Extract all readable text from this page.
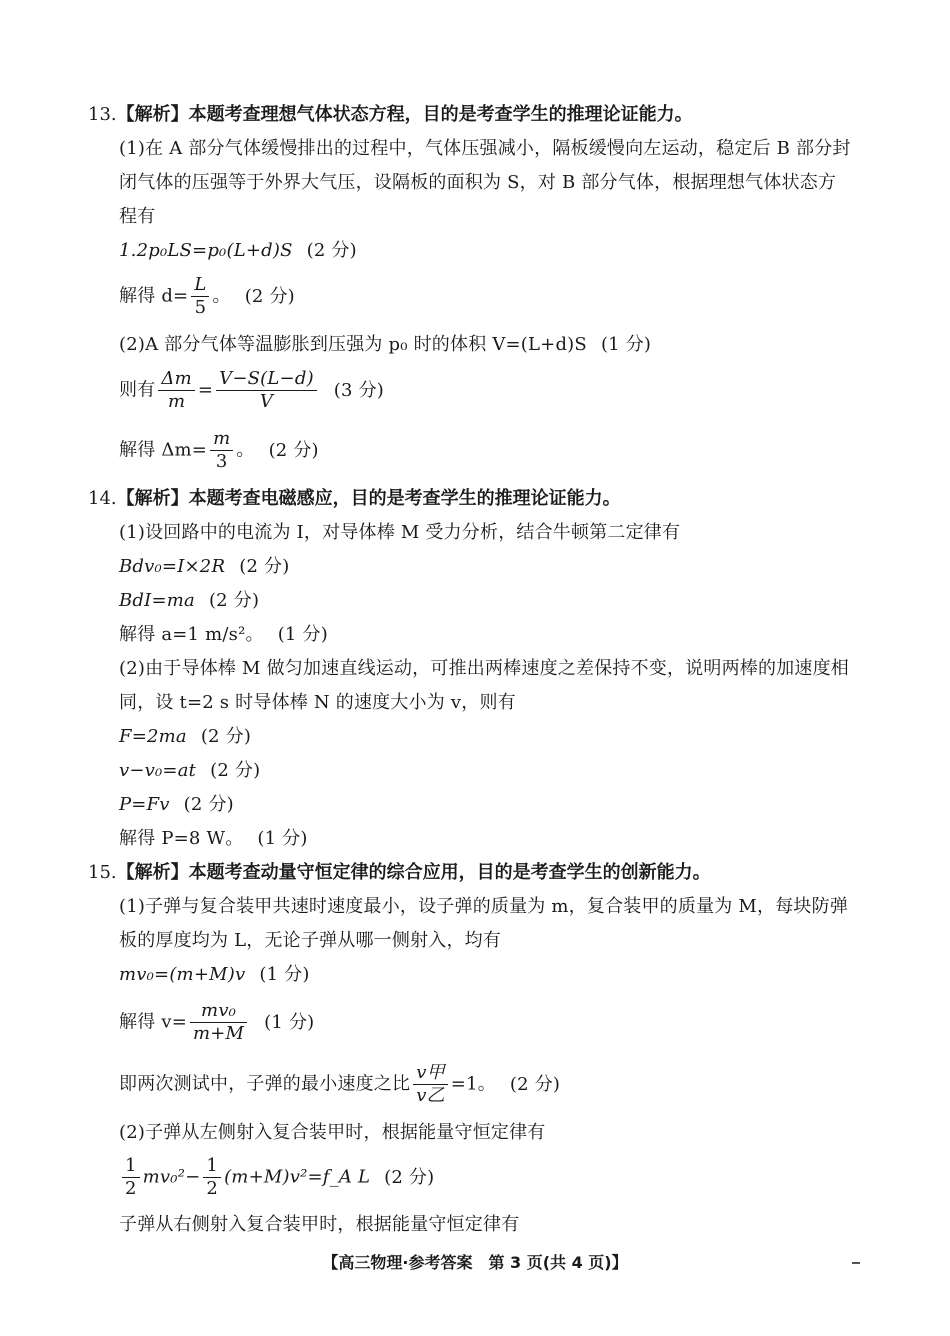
13.【解析】本题考查理想气体状态方程，目的是考查学生的推理论证能力。
(1)在 A 部分气体缓慢排出的过程中，气体压强减小，隔板缓慢向左运动，稳定后 B 部分封
闭气体的压强等于外界大气压，设隔板的面积为 S，对 B 部分气体，根据理想气体状态方
程有
1.2p₀LS=p₀(L+d)S (2 分)
解得 $d= \frac{L}{5}$ 。 (2 分)
(2)A 部分气体等温膨胀到压强为 p₀ 时的体积 V=(L+d)S (1 分)
则有 $\frac{\Delta m}{m} = \frac{V-S(L-d)}{V} (3$ 分)
解得 $\Delta m= \frac{m}{3}$ 。 (2 分)
14.【解析】本题考查电磁感应，目的是考查学生的推理论证能力。
(1)设回路中的电流为 I，对导体棒 M 受力分析，结合牛顿第二定律有
Bdv₀=I×2R (2 分)
BdI=ma (2 分)
解得 a=1 m/s²。 (1 分)
(2)由于导体棒 M 做匀加速直线运动，可推出两棒速度之差保持不变，说明两棒的加速度相
同，设 t=2 s 时导体棒 N 的速度大小为 v，则有
F=2ma (2 分)
v−v₀=at (2 分)
P=Fv (2 分)
解得 P=8 W。 (1 分)
15.【解析】本题考查动量守恒定律的综合应用，目的是考查学生的创新能力。
(1)子弹与复合装甲共速时速度最小，设子弹的质量为 m，复合装甲的质量为 M，每块防弹
板的厚度均为 L，无论子弹从哪一侧射入，均有
mv₀=(m+M)v (1 分)
解得 $v= \frac{\text{mv₀}}{m+M} (1$ 分)
即两次测试中，子弹的最小速度之比 $\frac{\text{v甲}}{\text{v乙}} =1$。 (2 分)
(2)子弹从左侧射入复合装甲时，根据能量守恒定律有
$\frac{1}{2} mv_0^2- \frac{1}{2}$ (m+M)v²=f_A L (2 分)
子弹从右侧射入复合装甲时，根据能量守恒定律有
【高三物理·参考答案　第 3 页(共 4 页)】
